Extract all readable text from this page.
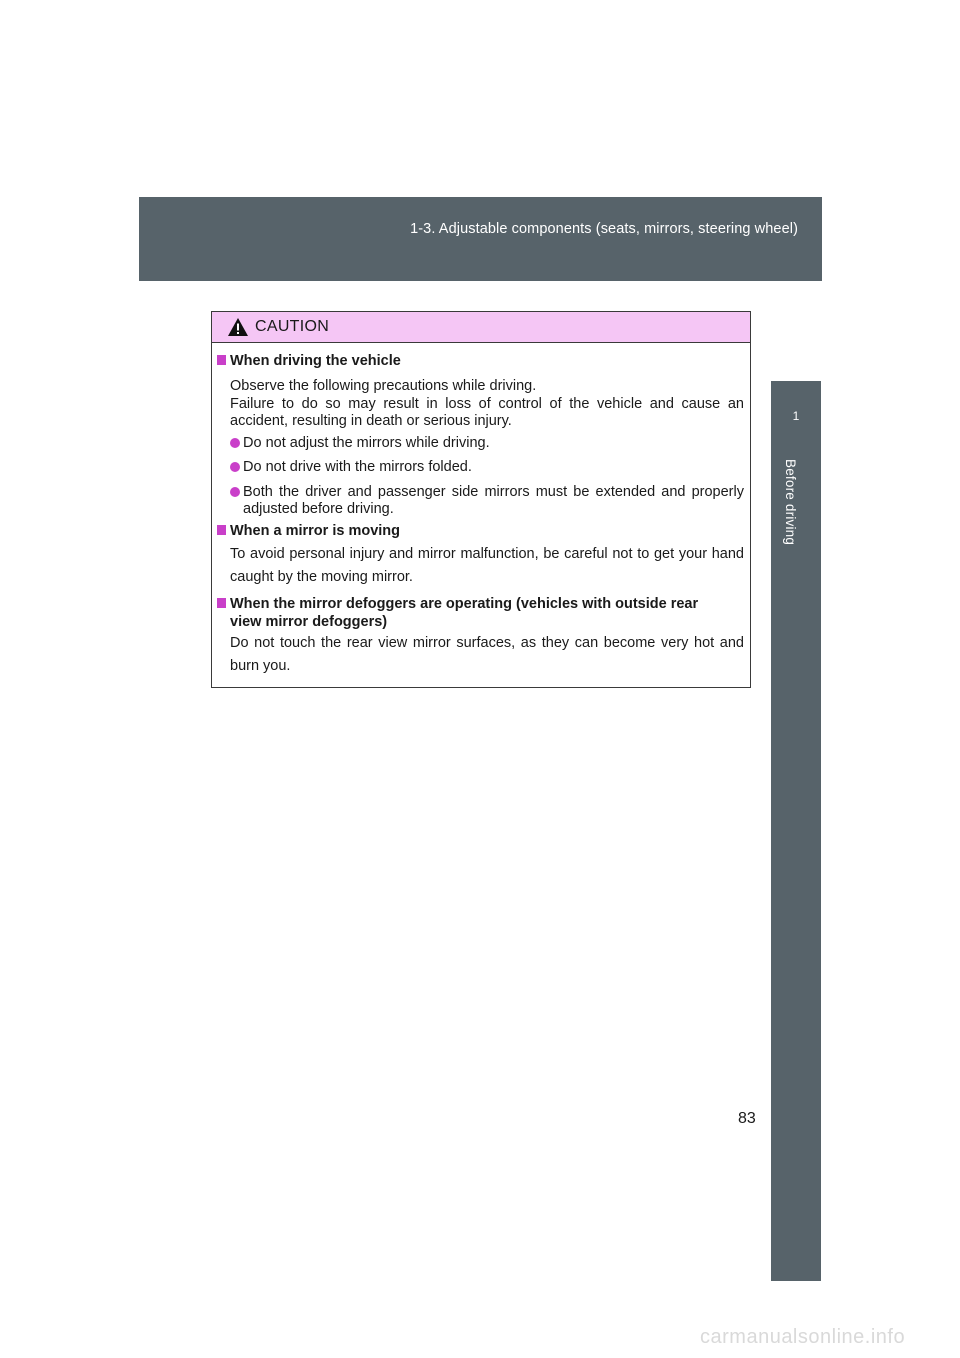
1-3. Adjustable components (seats, mirrors, steering wheel)
1
Before driving
CAUTION
When driving the vehicle

Observe the following precautions while driving.

Failure to do so may result in loss of control of the vehicle and cause an accident, resulting in death or serious injury.

Do not adjust the mirrors while driving.
Do not drive with the mirrors folded.
Both the driver and passenger side mirrors must be extended and properly adjusted before driving.
When a mirror is moving

To avoid personal injury and mirror malfunction, be careful not to get your hand caught by the moving mirror.

When the mirror defoggers are operating (vehicles with outside rear
view mirror defoggers)

Do not touch the rear view mirror surfaces, as they can become very hot and burn you.

83
carmanualsonline.info
